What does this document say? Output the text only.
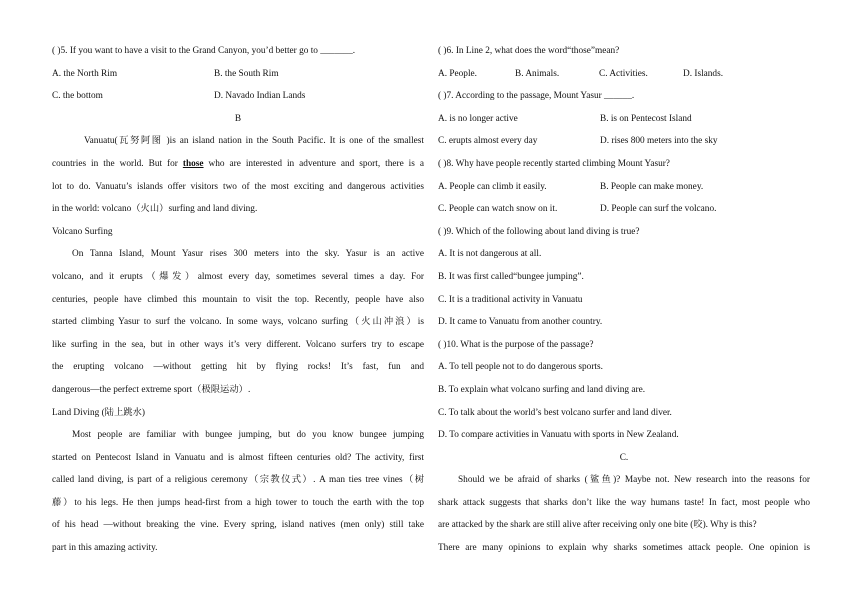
( )5. If you want to have a visit to the Grand Canyon, you’d better go to _______.
A. the North Rim	B. the South Rim
C. the bottom	D. Navado Indian Lands
B
Vanuatu(瓦努阿图 )is an island nation in the South Pacific. It is one of the smallest
countries in the world. But for those who are interested in adventure and sport, there is a
lot to do. Vanuatu’s islands offer visitors two of the most exciting and dangerous activities
in the world: volcano（火山）surfing and land diving.
Volcano Surfing
On Tanna Island, Mount Yasur rises 300 meters into the sky. Yasur is an active
volcano, and it erupts（爆发）almost every day, sometimes several times a day. For
centuries, people have climbed this mountain to visit the top. Recently, people have also
started climbing Yasur to surf the volcano. In some ways, volcano surfing（火山冲浪）is
like surfing in the sea, but in other ways it’s very different. Volcano surfers try to escape
the erupting volcano —without getting hit by flying rocks! It’s fast, fun and
dangerous—the perfect extreme sport（极限运动）.
Land Diving (陆上跳水)
Most people are familiar with bungee jumping, but do you know bungee jumping
started on Pentecost Island in Vanuatu and is almost fifteen centuries old? The activity, first
called land diving, is part of a religious ceremony（宗教仪式）. A man ties tree vines（树
藤）to his legs. He then jumps head-first from a high tower to touch the earth with the top
of his head —without breaking the vine. Every spring, island natives (men only) still take
part in this amazing activity.
( )6. In Line 2, what does the word“those”mean?
A. People.	B. Animals.	C. Activities.	D. Islands.
( )7. According to the passage, Mount Yasur ______.
A. is no longer active	B. is on Pentecost Island
C. erupts almost every day	D. rises 800 meters into the sky
( )8. Why have people recently started climbing Mount Yasur?
A. People can climb it easily.	B. People can make money.
C. People can watch snow on it.	D. People can surf the volcano.
( )9. Which of the following about land diving is true?
A. It is not dangerous at all.
B. It was first called“bungee jumping”.
C. It is a traditional activity in Vanuatu
D. It came to Vanuatu from another country.
( )10. What is the purpose of the passage?
A. To tell people not to do dangerous sports.
B. To explain what volcano surfing and land diving are.
C. To talk about the world’s best volcano surfer and land diver.
D. To compare activities in Vanuatu with sports in New Zealand.
C.
Should we be afraid of sharks (鲨鱼)? Maybe not. New research into the reasons for
shark attack suggests that sharks don’t like the way humans taste! In fact, most people who
are attacked by the shark are still alive after receiving only one bite (咬). Why is this?
There are many opinions to explain why sharks sometimes attack people. One opinion is
